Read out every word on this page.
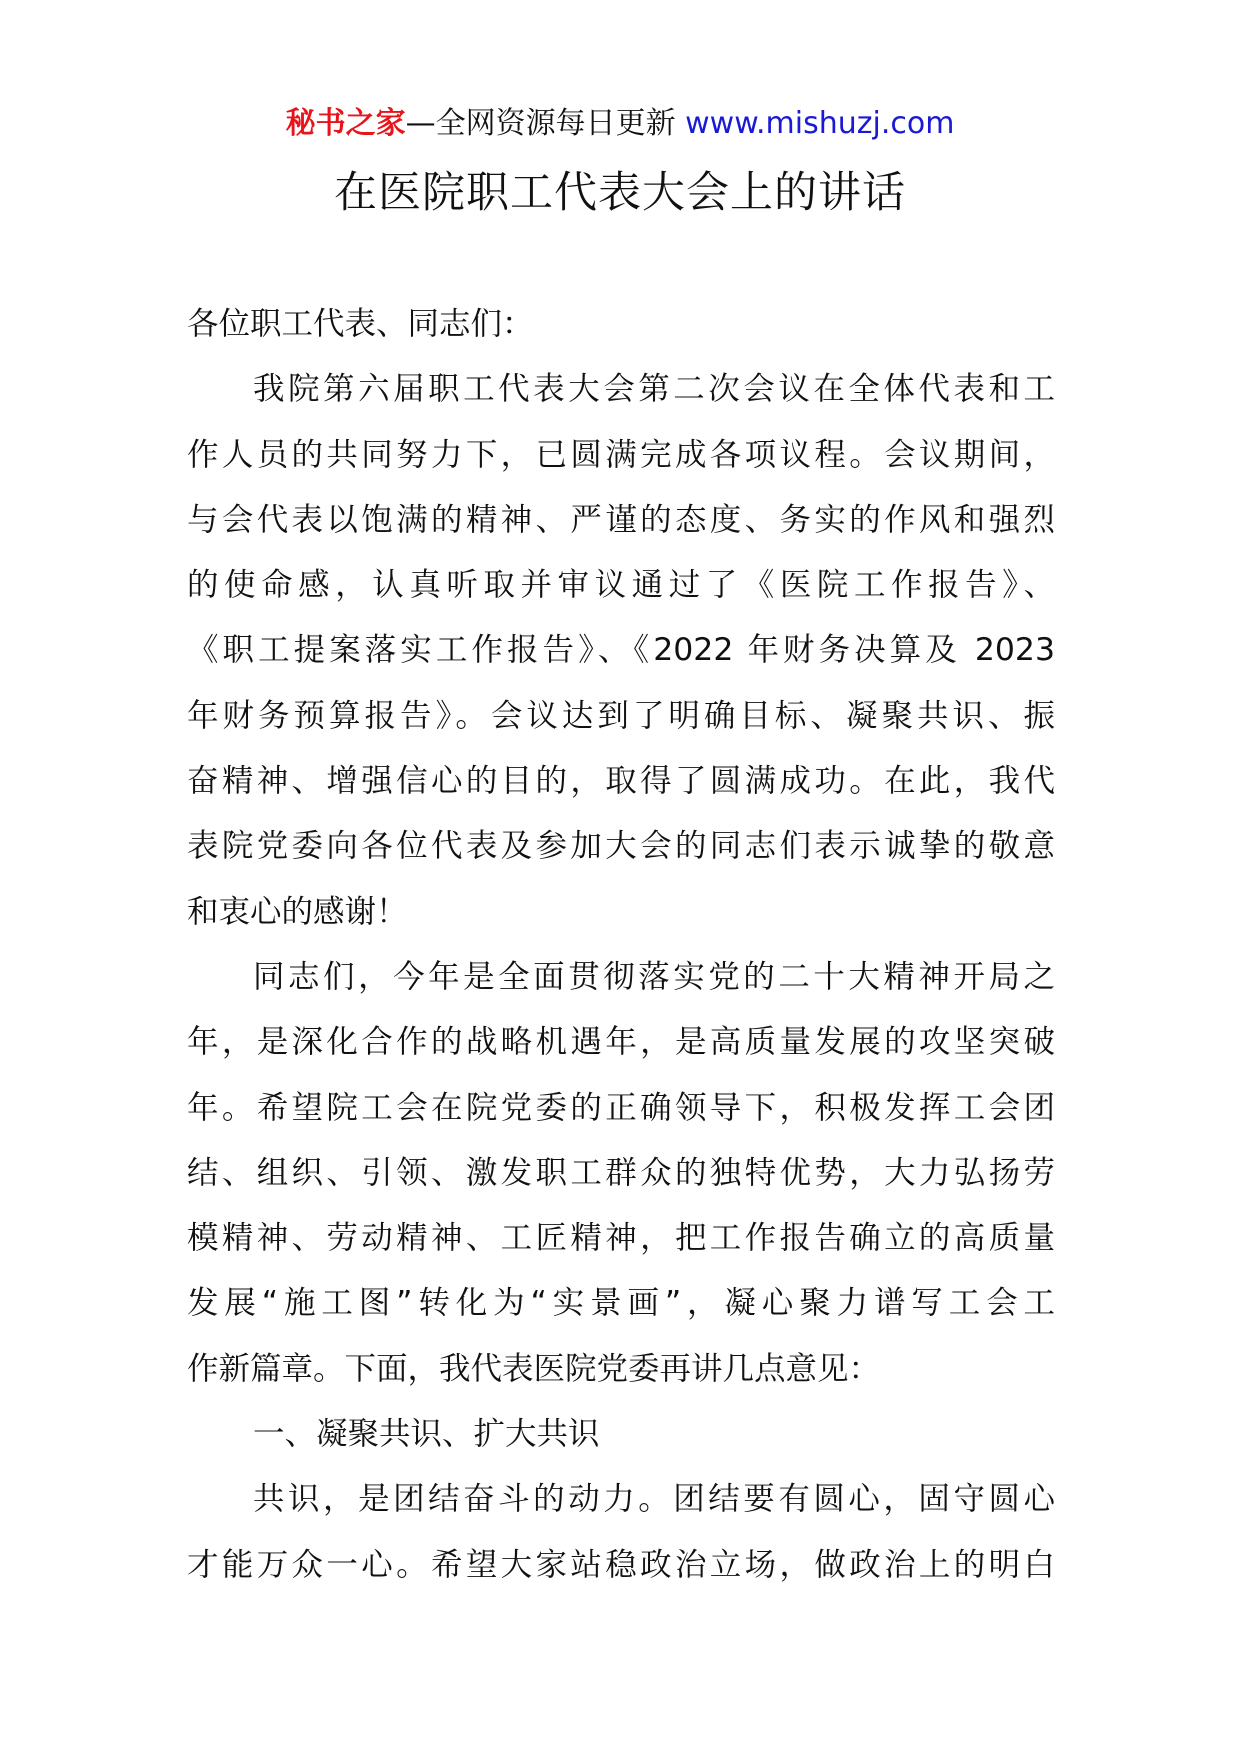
秘书之家—全网资源每日更新 www.mishuzj.com
在医院职工代表大会上的讲话
各位职工代表、同志们：
我院第六届职工代表大会第二次会议在全体代表和工
作人员的共同努力下，已圆满完成各项议程。会议期间，
与会代表以饱满的精神、严谨的态度、务实的作风和强烈
的使命感，认真听取并审议通过了《医院工作报告》、
《职工提案落实工作报告》、《2022 年财务决算及 2023
年财务预算报告》。会议达到了明确目标、凝聚共识、振
奋精神、增强信心的目的，取得了圆满成功。在此，我代
表院党委向各位代表及参加大会的同志们表示诚挚的敬意
和衷心的感谢！
同志们，今年是全面贯彻落实党的二十大精神开局之
年，是深化合作的战略机遇年，是高质量发展的攻坚突破
年。希望院工会在院党委的正确领导下，积极发挥工会团
结、组织、引领、激发职工群众的独特优势，大力弘扬劳
模精神、劳动精神、工匠精神，把工作报告确立的高质量
发展“施工图”转化为“实景画”，凝心聚力谱写工会工
作新篇章。下面，我代表医院党委再讲几点意见：
一、凝聚共识、扩大共识
共识，是团结奋斗的动力。团结要有圆心，固守圆心
才能万众一心。希望大家站稳政治立场，做政治上的明白
